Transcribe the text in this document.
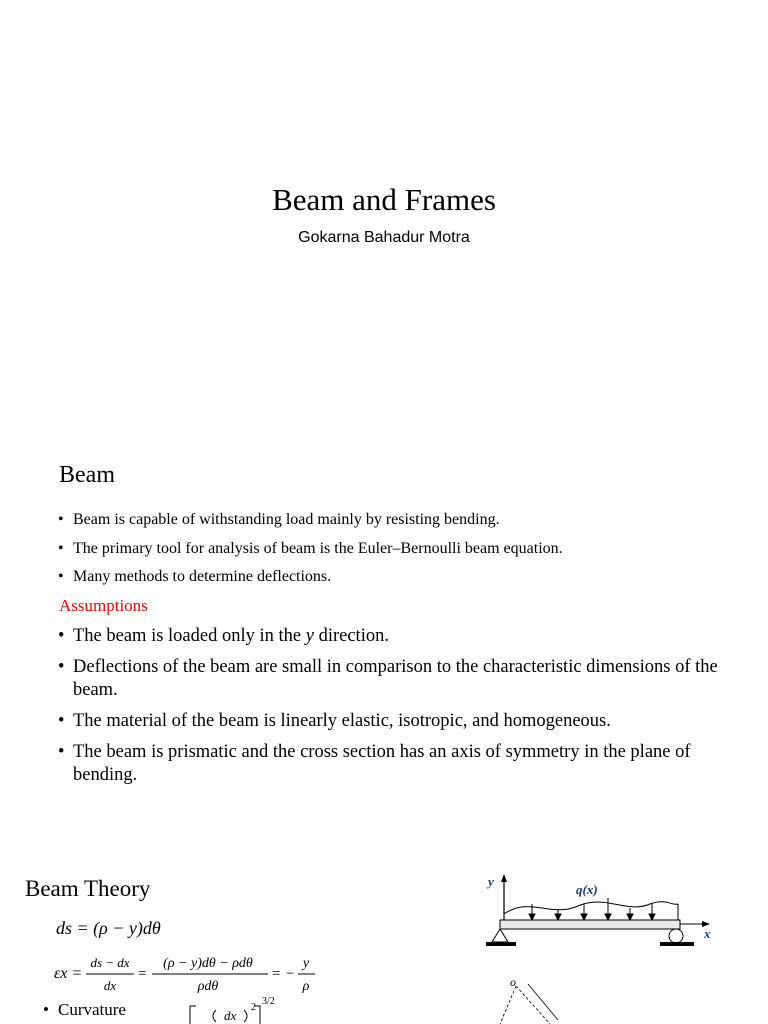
Beam and Frames
Gokarna Bahadur Motra
Beam
• Beam is capable of withstanding load mainly by resisting bending.
• The primary tool for analysis of beam is the Euler–Bernoulli beam equation.
• Many methods to determine deflections.
Assumptions
• The beam is loaded only in the y direction.
• Deflections of the beam are small in comparison to the characteristic dimensions of the beam.
• The material of the beam is linearly elastic, isotropic, and homogeneous.
• The beam is prismatic and the cross section has an axis of symmetry in the plane of bending.
Beam Theory
ds = (ρ − y)dθ
εx =
ds − dx
dx
=
(ρ − y)dθ − ρdθ
ρdθ
= −
y
ρ
dx
2
3/2
• Curvature
y
q(x)
x
o
